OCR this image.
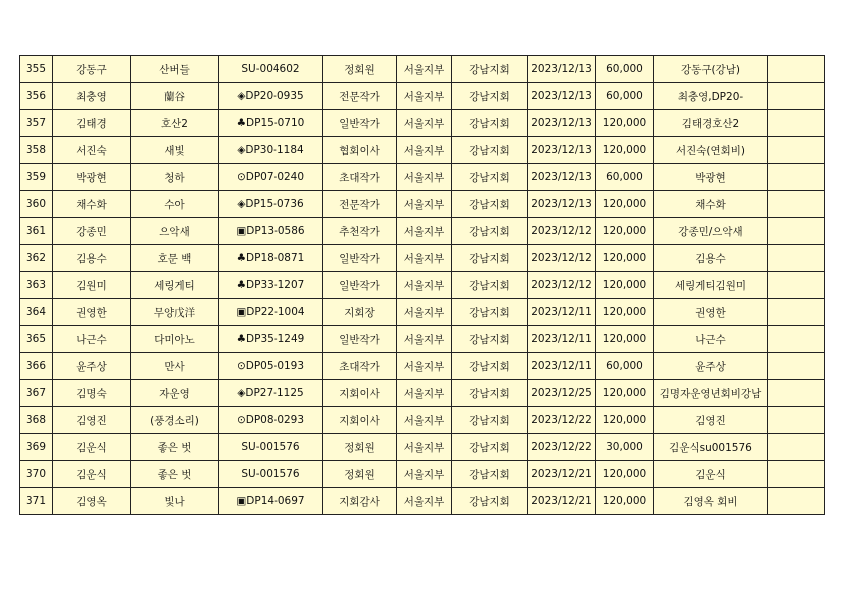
355	강동구	산버들	SU-004602	정회원	서울지부	강남지회	2023/12/13	60,000	강동구(강남)	
356	최충영	蘭谷	◈DP20-0935	전문작가	서울지부	강남지회	2023/12/13	60,000	최충영,DP20-	
357	김태경	호산2	♣DP15-0710	일반작가	서울지부	강남지회	2023/12/13	120,000	김태경호산2	
358	서진숙	새빛	◈DP30-1184	협회이사	서울지부	강남지회	2023/12/13	120,000	서진숙(연회비)	
359	박광현	청하	⊙DP07-0240	초대작가	서울지부	강남지회	2023/12/13	60,000	박광현	
360	채수화	수아	◈DP15-0736	전문작가	서울지부	강남지회	2023/12/13	120,000	채수화	
361	강종민	으악새	▣DP13-0586	추천작가	서울지부	강남지회	2023/12/12	120,000	강종민/으악새	
362	김용수	호문 백	♣DP18-0871	일반작가	서울지부	강남지회	2023/12/12	120,000	김용수	
363	김원미	세링게티	♣DP33-1207	일반작가	서울지부	강남지회	2023/12/12	120,000	세링게티김원미	
364	권영한	무양戊洋	▣DP22-1004	지회장	서울지부	강남지회	2023/12/11	120,000	권영한	
365	나근수	다미아노	♣DP35-1249	일반작가	서울지부	강남지회	2023/12/11	120,000	나근수	
366	윤주상	만사	⊙DP05-0193	초대작가	서울지부	강남지회	2023/12/11	60,000	윤주상	
367	김명숙	자운영	◈DP27-1125	지회이사	서울지부	강남지회	2023/12/25	120,000	김명자운영년회비강남	
368	김영진	(풍경소리)	⊙DP08-0293	지회이사	서울지부	강남지회	2023/12/22	120,000	김영진	
369	김운식	좋은 벗	SU-001576	정회원	서울지부	강남지회	2023/12/22	30,000	김운식su001576	
370	김운식	좋은 벗	SU-001576	정회원	서울지부	강남지회	2023/12/21	120,000	김운식	
371	김영옥	빛나	▣DP14-0697	지회감사	서울지부	강남지회	2023/12/21	120,000	김영옥 회비	
